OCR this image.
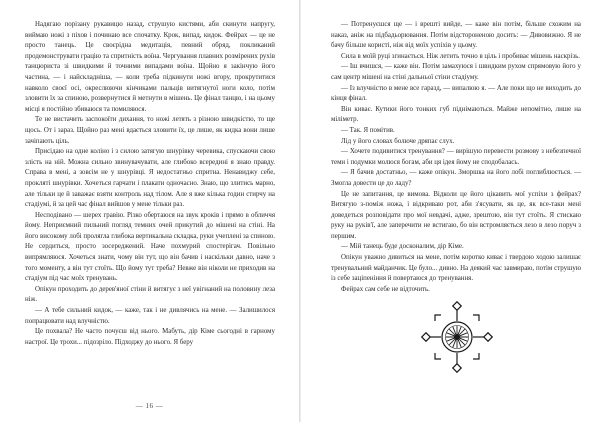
Надягаю порізану рукавицю назад, струшую кистями, аби скинути напругу, виймаю ножі з піхов і починаю все спочатку. Крок, випад, кидок. Фейрах — це не просто танець. Це своєрідна медитація, певний обряд, покликаний продемонструвати грацію та спритність воїна. Чергування плавних розмірених рухів танцюриста зі швидкими й точними випадами воїна. Щойно я закінчую його частина, — і найскладніша, — коли треба підкинути ножі вгору, прокрутитися навколо своєї осі, окреслюючи кінчиками пальців витягнутої ноги коло, потім зловити їх за спиною, розвернутися й метнути в мішень. Це фінал танцю, і на цьому місці я постійно збиваюся та помиляюся.

Те не вистачить заспокоїти дихання, то ножі летять з різною швидкістю, то ще щось. От і зараз. Щойно раз мені вдається зловити їх, це лише, як кидка вони лише зачіпають ціль.

Присідаю на одне коліно і з силою затягую шнурівку черевика, спускаючи свою злість на ній. Можна сильно звинувачувати, але глибоко всередині я знаю правду. Справа в мені, а зовсім не у шнурівці. Я недостатньо спритна. Ненавиджу себе, прокляті шнурівки. Хочеться гарчати і плакати одночасно. Знаю, що злитись марно, але тільки це й заважає взяти контроль над тілом. Але я вже кілька годин стирчу на стадіумі, й за цей час фінал вийшов у мене тільки раз.

Несподівано — шерех гравію. Різко обертаюся на звук кроків і прямо в обличчя йому. Неприємний пильний погляд темних очей прикутий до мішені на стіні. На його високому лобі пролягла глибока вертикальна складка, руки учеплені за спиною. Не сердиться, просто зосереджений. Наче похмурий спостерігач. Повільно випрямляюся. Хочеться знати, чому він тут, що він бачив і наскільки давно, наче з того моменту, а він тут стоїть. Що йому тут треба? Невже він ніколи не приходив на стадіум під час моїх тренувань.

Опікун проходить до дерев'яної стіни й витягує з неї увігнаний на половину леза ніж.

— А тебе сильний кидок, — каже, так і не дивлячись на мене. — Залишилося попрацювати над влучністю.

Це похвала? Не часто почуєш від нього. Мабуть, дір Кіме сьогодні в гарному настрої. Це трохи... підозріло. Підходжу до нього. Я беру

— 16 —

— Потренуєшся ще — і врешті вийде, — каже він потім, більше схожим на наказ, аніж на підбадьорювання. Потім відстороненою досить: — Дивовижно. Я не бачу більше користі, ніж від моїх успіхів у цьому.

Сила в моїй руці згинається. Ніж летить точно в ціль і пробиває мішень наскрізь.

— Іш вчишся, — каже він. Потім замахуюся і швидким рухом спрямовую його у сам центр мішені на стіні дальньої стіни стадіуму.

— Із влучністю в мене все гаразд, — випалюю я. — Але поки що не виходить до кінця фінал.

Він киває. Кутики його тонких губ піднімаються. Майже непомітно, лише на міліметр.

— Так. Я помітив.

Лід у його словах болюче дряпає слух.

— Хочете подивитися тренування? — вирішую перевести розмову з небезпечної теми і подумки молюся богам, аби ця ідея йому не сподобалась.

— Я бачив достатньо, — каже опікун. Зморшка на його лобі поглиблюється. — Змогла довести це до ладу?

Це не запитання, це вимова. Відколи це його цікавить мої успіхи з фейрах? Витягую з-поміж ножа, і відкриваю рот, аби з'ясувати, як це, як все-таки мені доведеться розповідати про мої невдачі, адже, зрештою, він тут стоїть. Я стискаю руку на руків'ї, але заперечити не встигаю, бо він встромляється лезо в лезо поруч з першим.

— Мій танець буде досконалим, дір Кіме.

Опікун уважно дивиться на мене, потім коротко киває і твердою ходою залишає тренувальний майданчик. Це було... дивно. На деякий час завмираю, потім струшую із себе заціпеніння й повертаюся до тренування.

Фейрах сам себе не відточить.
